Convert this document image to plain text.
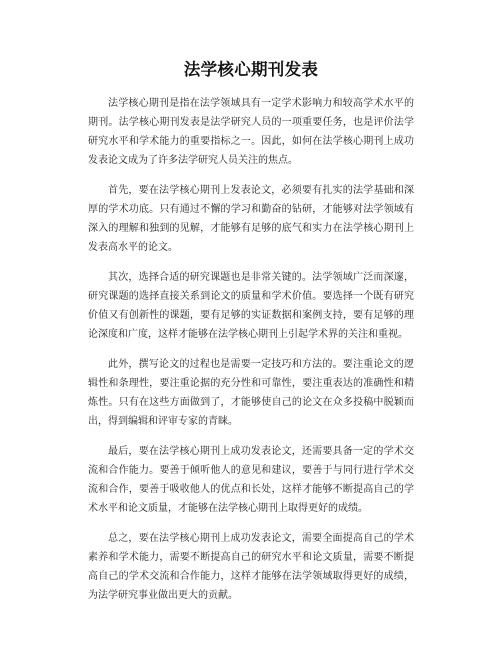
法学核心期刊发表

法学核心期刊是指在法学领域具有一定学术影响力和较高学术水平的期刊。法学核心期刊发表是法学研究人员的一项重要任务，也是评价法学研究水平和学术能力的重要指标之一。因此，如何在法学核心期刊上成功发表论文成为了许多法学研究人员关注的焦点。

首先，要在法学核心期刊上发表论文，必须要有扎实的法学基础和深厚的学术功底。只有通过不懈的学习和勤奋的钻研，才能够对法学领域有深入的理解和独到的见解，才能够有足够的底气和实力在法学核心期刊上发表高水平的论文。

其次，选择合适的研究课题也是非常关键的。法学领域广泛而深邃，研究课题的选择直接关系到论文的质量和学术价值。要选择一个既有研究价值又有创新性的课题，要有足够的实证数据和案例支持，要有足够的理论深度和广度，这样才能够在法学核心期刊上引起学术界的关注和重视。

此外，撰写论文的过程也是需要一定技巧和方法的。要注重论文的逻辑性和条理性，要注重论据的充分性和可靠性，要注重表达的准确性和精炼性。只有在这些方面做到了，才能够使自己的论文在众多投稿中脱颖而出，得到编辑和评审专家的青睐。

最后，要在法学核心期刊上成功发表论文，还需要具备一定的学术交流和合作能力。要善于倾听他人的意见和建议，要善于与同行进行学术交流和合作，要善于吸收他人的优点和长处，这样才能够不断提高自己的学术水平和论文质量，才能够在法学核心期刊上取得更好的成绩。

总之，要在法学核心期刊上成功发表论文，需要全面提高自己的学术素养和学术能力，需要不断提高自己的研究水平和论文质量，需要不断提高自己的学术交流和合作能力，这样才能够在法学领域取得更好的成绩，为法学研究事业做出更大的贡献。
